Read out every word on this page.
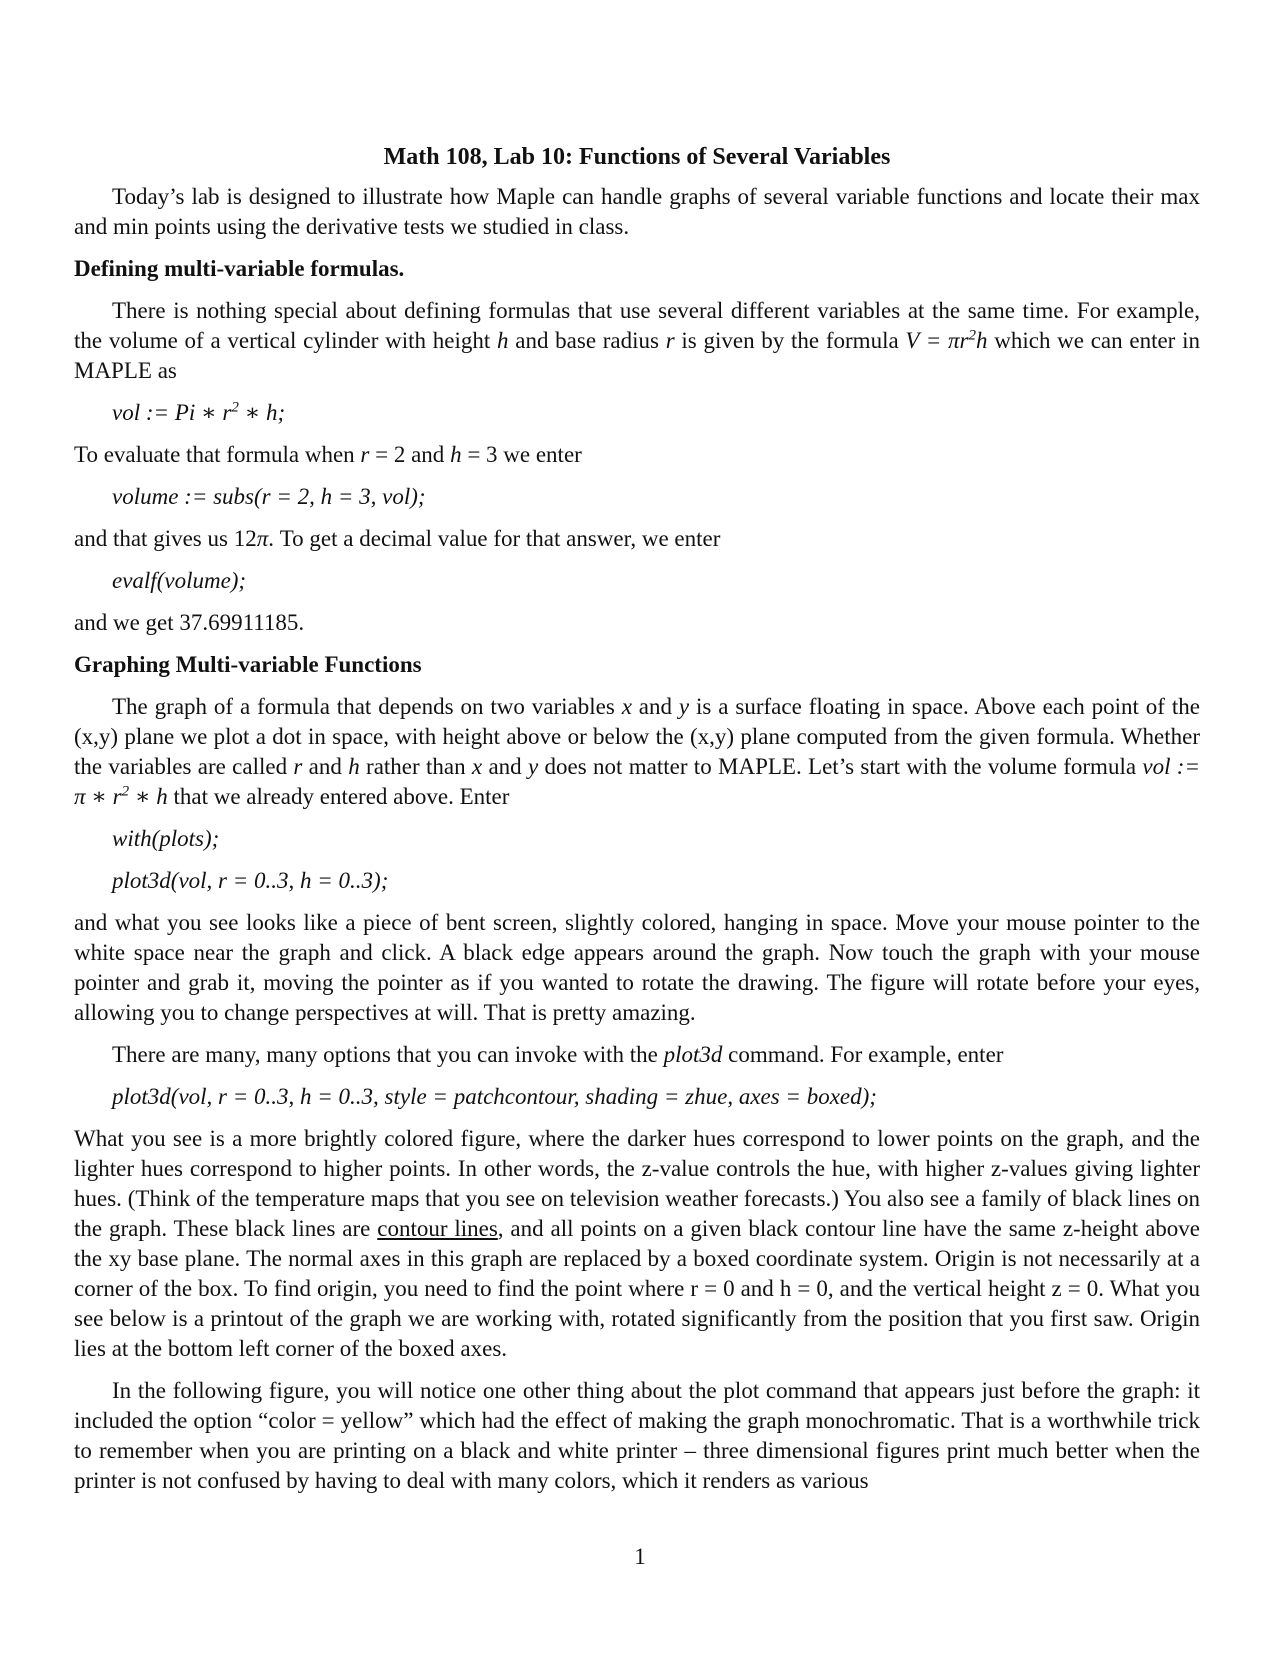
Math 108, Lab 10: Functions of Several Variables

Today’s lab is designed to illustrate how Maple can handle graphs of several variable functions and locate their max and min points using the derivative tests we studied in class.

Defining multi-variable formulas.

There is nothing special about defining formulas that use several different variables at the same time. For example, the volume of a vertical cylinder with height h and base radius r is given by the formula $V = \pi r^2h$ which we can enter in MAPLE as

vol := Pi ∗ $r^2$ ∗ h;

To evaluate that formula when r = 2 and h = 3 we enter

volume := subs(r = 2, h = 3, vol);

and that gives us 12π. To get a decimal value for that answer, we enter

evalf(volume);

and we get 37.69911185.

Graphing Multi-variable Functions

The graph of a formula that depends on two variables x and y is a surface floating in space. Above each point of the (x,y) plane we plot a dot in space, with height above or below the (x,y) plane computed from the given formula. Whether the variables are called r and h rather than x and y does not matter to MAPLE. Let’s start with the volume formula vol := π ∗ $r^2$ ∗ h that we already entered above. Enter

with(plots);
plot3d(vol, r = 0..3, h = 0..3);

and what you see looks like a piece of bent screen, slightly colored, hanging in space. Move your mouse pointer to the white space near the graph and click. A black edge appears around the graph. Now touch the graph with your mouse pointer and grab it, moving the pointer as if you wanted to rotate the drawing. The figure will rotate before your eyes, allowing you to change perspectives at will. That is pretty amazing.

There are many, many options that you can invoke with the plot3d command. For example, enter

plot3d(vol, r = 0..3, h = 0..3, style = patchcontour, shading = zhue, axes = boxed);

What you see is a more brightly colored figure, where the darker hues correspond to lower points on the graph, and the lighter hues correspond to higher points. In other words, the z-value controls the hue, with higher z-values giving lighter hues. (Think of the temperature maps that you see on television weather forecasts.) You also see a family of black lines on the graph. These black lines are contour lines, and all points on a given black contour line have the same z-height above the xy base plane. The normal axes in this graph are replaced by a boxed coordinate system. Origin is not necessarily at a corner of the box. To find origin, you need to find the point where r = 0 and h = 0, and the vertical height z = 0. What you see below is a printout of the graph we are working with, rotated significantly from the position that you first saw. Origin lies at the bottom left corner of the boxed axes.

In the following figure, you will notice one other thing about the plot command that appears just before the graph: it included the option “color = yellow” which had the effect of making the graph monochromatic. That is a worthwhile trick to remember when you are printing on a black and white printer – three dimensional figures print much better when the printer is not confused by having to deal with many colors, which it renders as various

1
